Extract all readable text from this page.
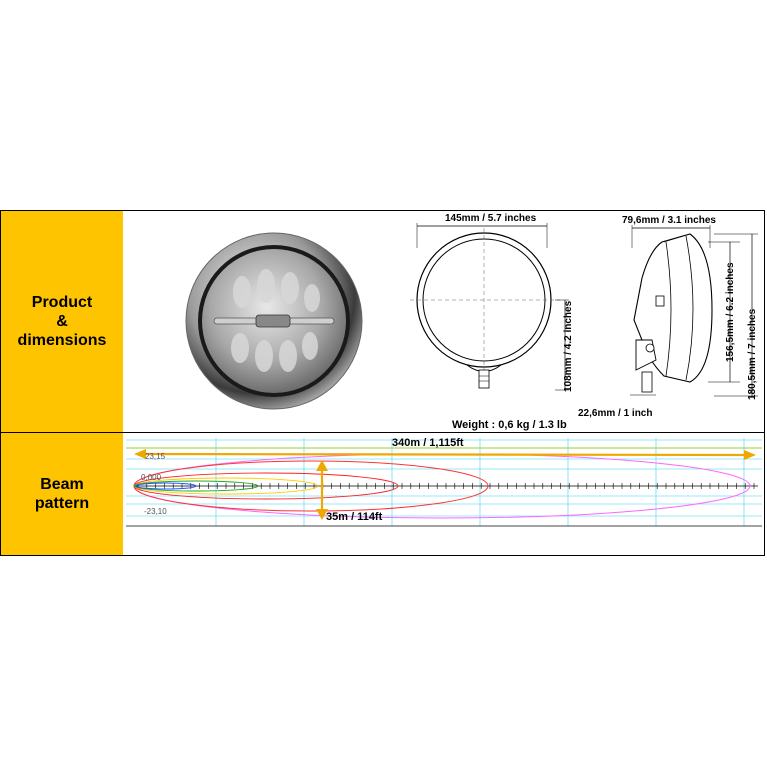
Product
&
dimensions
Beam
pattern
145mm / 5.7 inches
108mm / 4.2 inches
79,6mm / 3.1 inches
156,5mm / 6.2 inches 180,5mm / 7 inches
22,6mm / 1 inch
Weight : 0,6 kg / 1.3 lb
23,15
0,000
-23,10
340m / 1,115ft
35m / 114ft
